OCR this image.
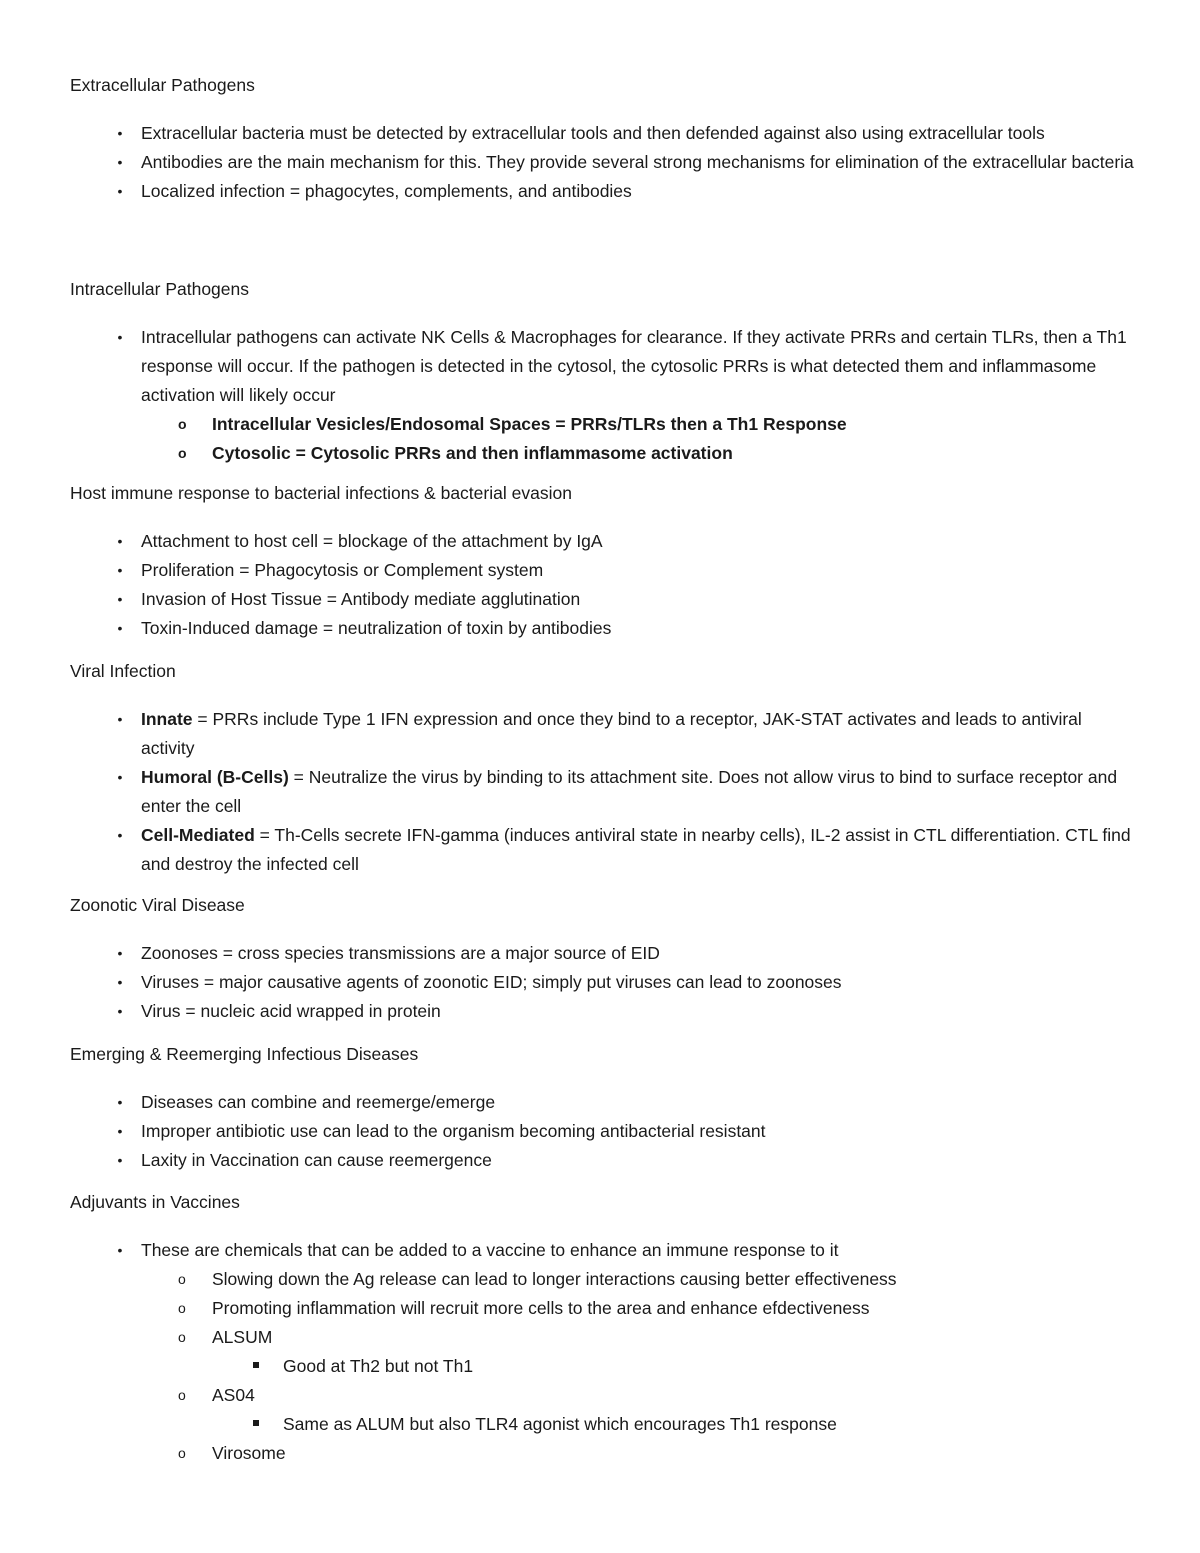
Extracellular Pathogens

• Extracellular bacteria must be detected by extracellular tools and then defended against also using extracellular tools
• Antibodies are the main mechanism for this. They provide several strong mechanisms for elimination of the extracellular bacteria
• Localized infection = phagocytes, complements, and antibodies

Intracellular Pathogens

• Intracellular pathogens can activate NK Cells & Macrophages for clearance. If they activate PRRs and certain TLRs, then a Th1 response will occur. If the pathogen is detected in the cytosol, the cytosolic PRRs is what detected them and inflammasome activation will likely occur
o Intracellular Vesicles/Endosomal Spaces = PRRs/TLRs then a Th1 Response
o Cytosolic = Cytosolic PRRs and then inflammasome activation

Host immune response to bacterial infections & bacterial evasion

• Attachment to host cell = blockage of the attachment by IgA
• Proliferation = Phagocytosis or Complement system
• Invasion of Host Tissue = Antibody mediate agglutination
• Toxin-Induced damage = neutralization of toxin by antibodies

Viral Infection

• Innate = PRRs include Type 1 IFN expression and once they bind to a receptor, JAK-STAT activates and leads to antiviral activity
• Humoral (B-Cells) = Neutralize the virus by binding to its attachment site. Does not allow virus to bind to surface receptor and enter the cell
• Cell-Mediated = Th-Cells secrete IFN-gamma (induces antiviral state in nearby cells), IL-2 assist in CTL differentiation. CTL find and destroy the infected cell

Zoonotic Viral Disease

• Zoonoses = cross species transmissions are a major source of EID
• Viruses = major causative agents of zoonotic EID; simply put viruses can lead to zoonoses
• Virus = nucleic acid wrapped in protein

Emerging & Reemerging Infectious Diseases

• Diseases can combine and reemerge/emerge
• Improper antibiotic use can lead to the organism becoming antibacterial resistant
• Laxity in Vaccination can cause reemergence

Adjuvants in Vaccines

• These are chemicals that can be added to a vaccine to enhance an immune response to it
o Slowing down the Ag release can lead to longer interactions causing better effectiveness
o Promoting inflammation will recruit more cells to the area and enhance efdectiveness
o ALSUM
Good at Th2 but not Th1
o AS04
Same as ALUM but also TLR4 agonist which encourages Th1 response
o Virosome
